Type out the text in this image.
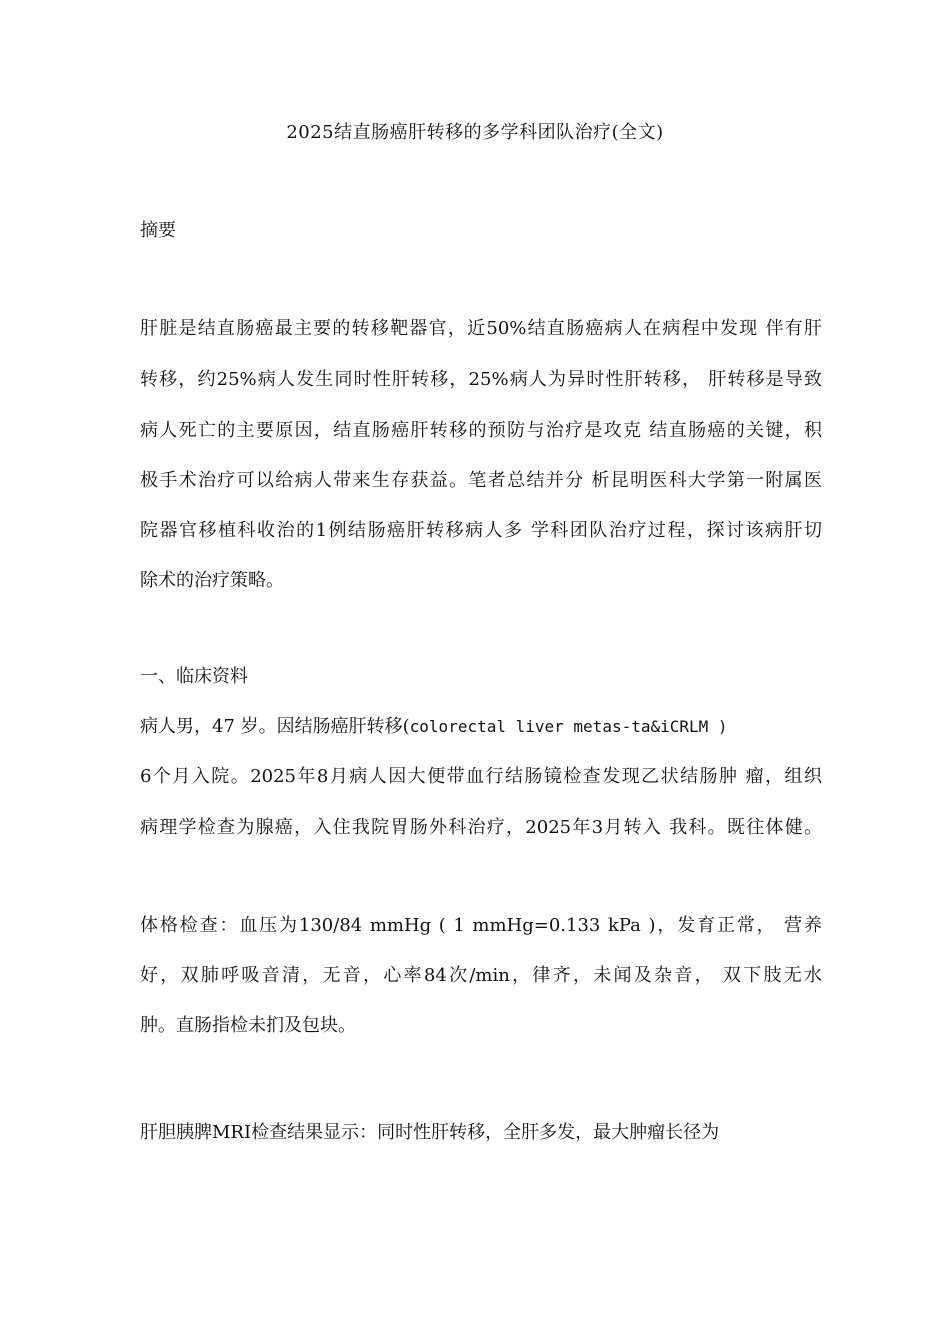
2025结直肠癌肝转移的多学科团队治疗(全文)
摘要
肝脏是结直肠癌最主要的转移靶器官，近50%结直肠癌病人在病程中发现 伴有肝
转移，约25%病人发生同时性肝转移，25%病人为异时性肝转移， 肝转移是导致
病人死亡的主要原因，结直肠癌肝转移的预防与治疗是攻克 结直肠癌的关键，积
极手术治疗可以给病人带来生存获益。笔者总结并分 析昆明医科大学第一附属医
院器官移植科收治的1例结肠癌肝转移病人多 学科团队治疗过程，探讨该病肝切
除术的治疗策略。
一、临床资料
病人男，47 岁。因结肠癌肝转移(colorectal liver metas-ta&iCRLM )
6个月入院。2025年8月病人因大便带血行结肠镜检查发现乙状结肠肿 瘤，组织
病理学检查为腺癌，入住我院胃肠外科治疗，2025年3月转入 我科。既往体健。
体格检查：血压为130/84 mmHg ( 1 mmHg=0.133 kPa )，发育正常， 营养
好，双肺呼吸音清，无音，心率84次/min，律齐，未闻及杂音， 双下肢无水
肿。直肠指检未扪及包块。
肝胆胰脾MRI检查结果显示：同时性肝转移，全肝多发，最大肿瘤长径为
